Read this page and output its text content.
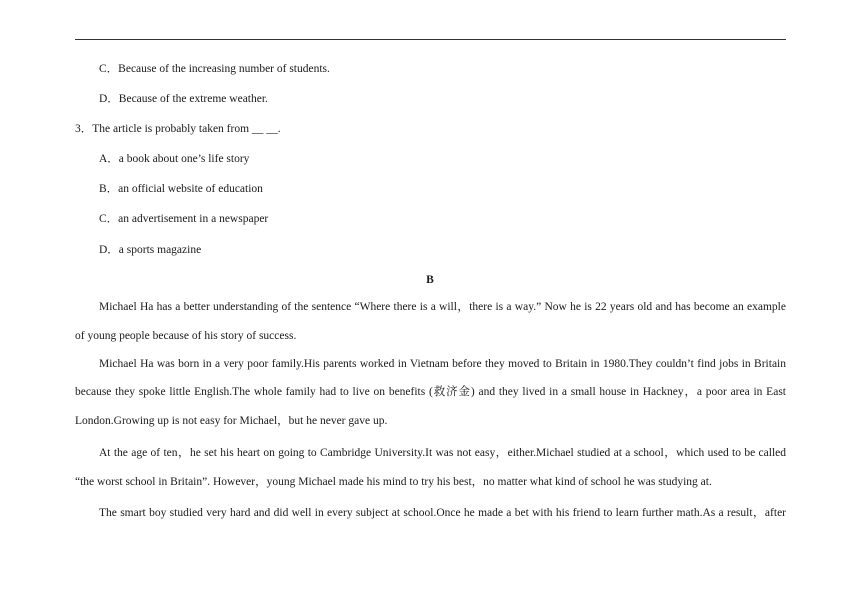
C．Because of the increasing number of students.
D．Because of the extreme weather.
3．The article is probably taken from __ __.
A．a book about one’s life story
B．an official website of education
C．an advertisement in a newspaper
D．a sports magazine
B
Michael Ha has a better understanding of the sentence “Where there is a will，there is a way.” Now he is 22 years old and has become an example
of young people because of his story of success.
Michael Ha was born in a very poor family.His parents worked in Vietnam before they moved to Britain in 1980.They couldn’t find jobs in Britain
because they spoke little English.The whole family had to live on benefits (救济金) and they lived in a small house in Hackney，a poor area in East
London.Growing up is not easy for Michael，but he never gave up.
At the age of ten，he set his heart on going to Cambridge University.It was not easy，either.Michael studied at a school，which used to be called
“the worst school in Britain”. However，young Michael made his mind to try his best，no matter what kind of school he was studying at.
The smart boy studied very hard and did well in every subject at school.Once he made a bet with his friend to learn further math.As a result，after
